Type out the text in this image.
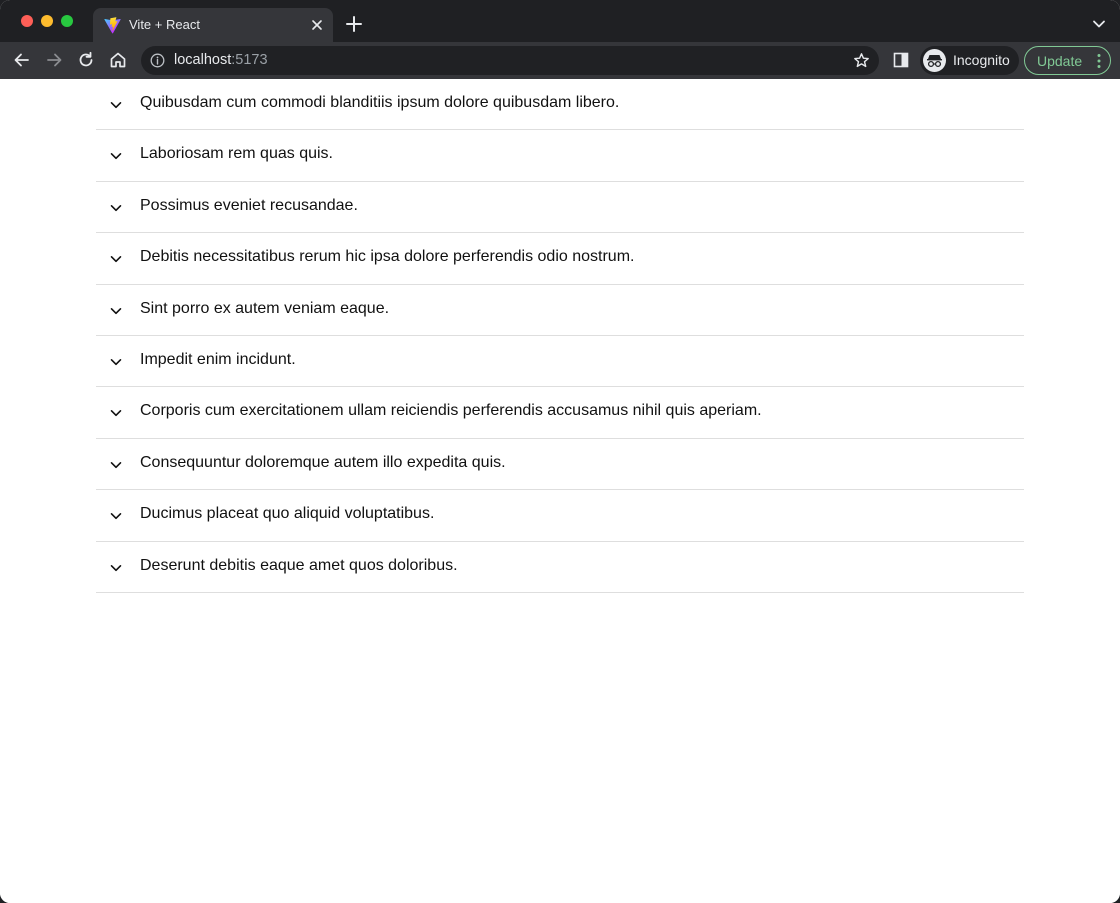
Vite + React
localhost:5173	Incognito Update
Quibusdam cum commodi blanditiis ipsum dolore quibusdam libero.
Laboriosam rem quas quis.
Possimus eveniet recusandae.
Debitis necessitatibus rerum hic ipsa dolore perferendis odio nostrum.
Sint porro ex autem veniam eaque.
Impedit enim incidunt.
Corporis cum exercitationem ullam reiciendis perferendis accusamus nihil quis aperiam.
Consequuntur doloremque autem illo expedita quis.
Ducimus placeat quo aliquid voluptatibus.
Deserunt debitis eaque amet quos doloribus.
